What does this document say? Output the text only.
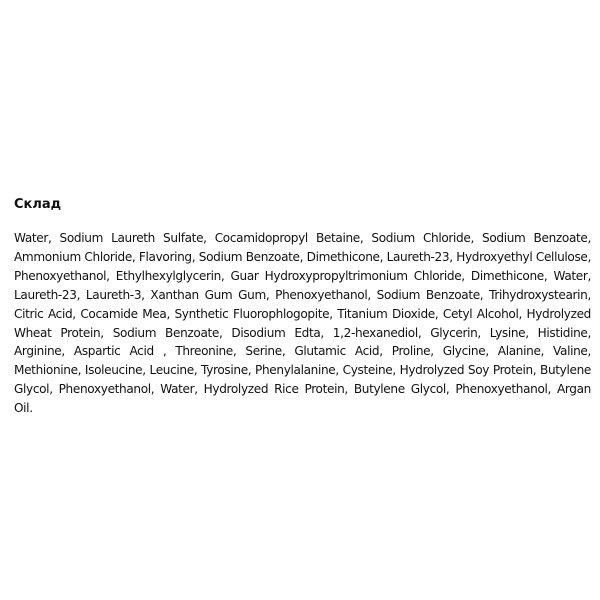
Склад

Water, Sodium Laureth Sulfate, Cocamidopropyl Betaine, Sodium Chloride, Sodium Benzoate, Ammonium Chloride, Flavoring, Sodium Benzoate, Dimethicone, Laureth-23, Hydroxyethyl Cellulose, Phenoxyethanol, Ethylhexylglycerin, Guar Hydroxypropyltrimonium Chloride, Dimethicone, Water, Laureth-23, Laureth-3, Xanthan Gum Gum, Phenoxyethanol, Sodium Benzoate, Trihydroxystearin, Citric Acid, Cocamide Mea, Synthetic Fluorophlogopite, Titanium Dioxide, Cetyl Alcohol, Hydrolyzed Wheat Protein, Sodium Benzoate, Disodium Edta, 1,2-hexanediol, Glycerin, Lysine, Histidine, Arginine, Aspartic Acid , Threonine, Serine, Glutamic Acid, Proline, Glycine, Alanine, Valine, Methionine, Isoleucine, Leucine, Tyrosine, Phenylalanine, Cysteine, Hydrolyzed Soy Protein, Butylene Glycol, Phenoxyethanol, Water, Hydrolyzed Rice Protein, Butylene Glycol, Phenoxyethanol, Argan Oil.
